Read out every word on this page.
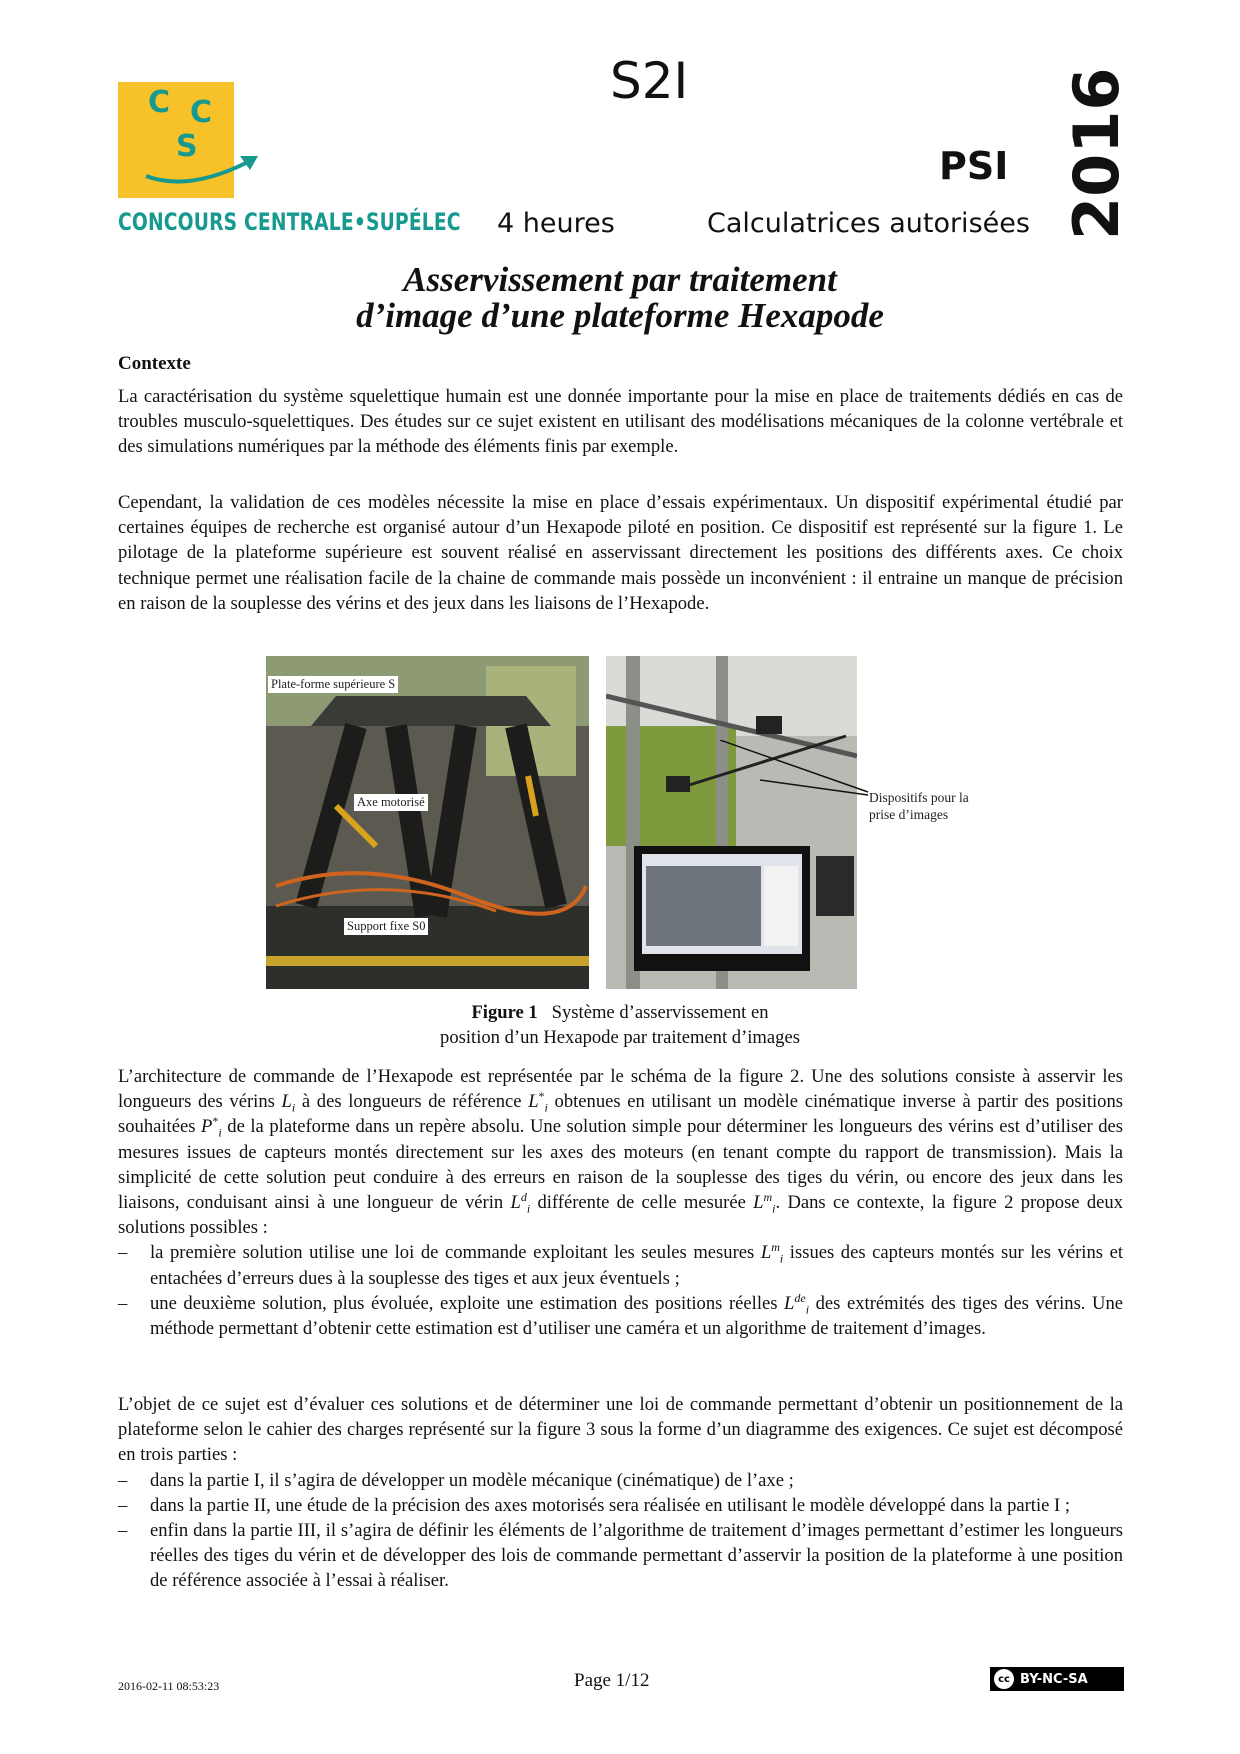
C C
S
CONCOURS CENTRALE•SUPÉLEC
S2I
PSI 2016
4 heures	Calculatrices autorisées
Asservissement par traitement
d’image d’une plateforme Hexapode
Contexte
La caractérisation du système squelettique humain est une donnée importante pour la mise en place de traitements dédiés en cas de troubles musculo-squelettiques. Des études sur ce sujet existent en utilisant des modélisations mécaniques de la colonne vertébrale et des simulations numériques par la méthode des éléments finis par exemple.
Cependant, la validation de ces modèles nécessite la mise en place d’essais expérimentaux. Un dispositif expérimental étudié par certaines équipes de recherche est organisé autour d’un Hexapode piloté en position. Ce dispositif est représenté sur la figure 1. Le pilotage de la plateforme supérieure est souvent réalisé en asservissant directement les positions des différents axes. Ce choix technique permet une réalisation facile de la chaine de commande mais possède un inconvénient : il entraine un manque de précision en raison de la souplesse des vérins et des jeux dans les liaisons de l’Hexapode.
Plate-forme supérieure S
Axe motorisé
Support fixe S0
Dispositifs pour la prise d’images
Figure 1 Système d’asservissement en
position d’un Hexapode par traitement d’images
L’architecture de commande de l’Hexapode est représentée par le schéma de la figure 2. Une des solutions consiste à asservir les longueurs des vérins $L_i$ à des longueurs de référence $L^*_i$ obtenues en utilisant un modèle cinématique inverse à partir des positions souhaitées $P^*_i$ de la plateforme dans un repère absolu. Une solution simple pour déterminer les longueurs des vérins est d’utiliser des mesures issues de capteurs montés directement sur les axes des moteurs (en tenant compte du rapport de transmission). Mais la simplicité de cette solution peut conduire à des erreurs en raison de la souplesse des tiges du vérin, ou encore des jeux dans les liaisons, conduisant ainsi à une longueur de vérin $L^d_i$ différente de celle mesurée $L^m_i$. Dans ce contexte, la figure 2 propose deux solutions possibles :
– la première solution utilise une loi de commande exploitant les seules mesures $L^m_i$ issues des capteurs montés sur les vérins et entachées d’erreurs dues à la souplesse des tiges et aux jeux éventuels ;
– une deuxième solution, plus évoluée, exploite une estimation des positions réelles $Lde_i$ des extrémités des tiges des vérins. Une méthode permettant d’obtenir cette estimation est d’utiliser une caméra et un algorithme de traitement d’images.
L’objet de ce sujet est d’évaluer ces solutions et de déterminer une loi de commande permettant d’obtenir un positionnement de la plateforme selon le cahier des charges représenté sur la figure 3 sous la forme d’un diagramme des exigences. Ce sujet est décomposé en trois parties :
– dans la partie I, il s’agira de développer un modèle mécanique (cinématique) de l’axe ;
– dans la partie II, une étude de la précision des axes motorisés sera réalisée en utilisant le modèle développé dans la partie I ;
– enfin dans la partie III, il s’agira de définir les éléments de l’algorithme de traitement d’images permettant d’estimer les longueurs réelles des tiges du vérin et de développer des lois de commande permettant d’asservir la position de la plateforme à une position de référence associée à l’essai à réaliser.
2016-02-11 08:53:23	Page 1/12	cc BY-NC-SA
